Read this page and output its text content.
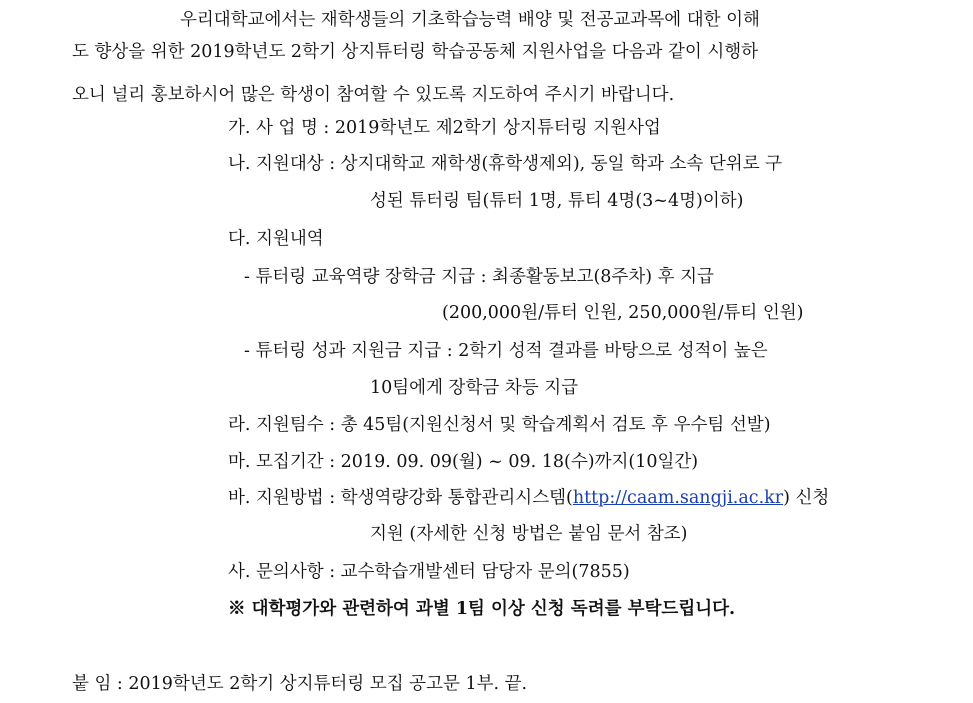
우리대학교에서는 재학생들의 기초학습능력 배양 및 전공교과목에 대한 이해
도 향상을 위한 2019학년도 2학기 상지튜터링 학습공동체 지원사업을 다음과 같이 시행하
오니 널리 홍보하시어 많은 학생이 참여할 수 있도록 지도하여 주시기 바랍니다.
가. 사 업 명 : 2019학년도 제2학기 상지튜터링 지원사업
나. 지원대상 : 상지대학교 재학생(휴학생제외), 동일 학과 소속 단위로 구
성된 튜터링 팀(튜터 1명, 튜티 4명(3~4명)이하)
다. 지원내역
- 튜터링 교육역량 장학금 지급 : 최종활동보고(8주차) 후 지급
(200,000원/튜터 인원, 250,000원/튜티 인원)
- 튜터링 성과 지원금 지급 : 2학기 성적 결과를 바탕으로 성적이 높은
10팀에게 장학금 차등 지급
라. 지원팀수 : 총 45팀(지원신청서 및 학습계획서 검토 후 우수팀 선발)
마. 모집기간 : 2019. 09. 09(월) ~ 09. 18(수)까지(10일간)
바. 지원방법 : 학생역량강화 통합관리시스템(http://caam.sangji.ac.kr) 신청
지원 (자세한 신청 방법은 붙임 문서 참조)
사. 문의사항 : 교수학습개발센터 담당자 문의(7855)
※ 대학평가와 관련하여 과별 1팀 이상 신청 독려를 부탁드립니다.
붙 임 : 2019학년도 2학기 상지튜터링 모집 공고문 1부. 끝.
